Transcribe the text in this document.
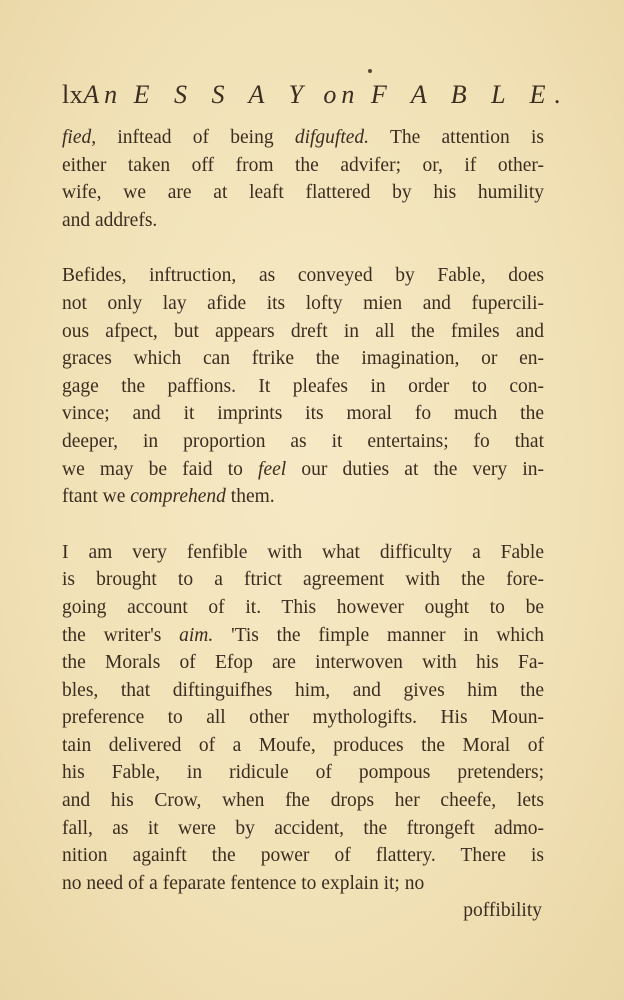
lx An E S S A Y on F A B L E.
fied, inftead of being difgufted. The attention is
either taken off from the advifer; or, if other-
wife, we are at leaft flattered by his humility
and addrefs.
Befides, inftruction, as conveyed by Fable, does
not only lay afide its lofty mien and fupercili-
ous afpect, but appears dreft in all the fmiles and
graces which can ftrike the imagination, or en-
gage the paffions. It pleafes in order to con-
vince; and it imprints its moral fo much the
deeper, in proportion as it entertains; fo that
we may be faid to feel our duties at the very in-
ftant we comprehend them.
I am very fenfible with what difficulty a Fable
is brought to a ftrict agreement with the fore-
going account of it. This however ought to be
the writer's aim. 'Tis the fimple manner in which
the Morals of Efop are interwoven with his Fa-
bles, that diftinguifhes him, and gives him the
preference to all other mythologifts. His Moun-
tain delivered of a Moufe, produces the Moral of
his Fable, in ridicule of pompous pretenders;
and his Crow, when fhe drops her cheefe, lets
fall, as it were by accident, the ftrongeft admo-
nition againft the power of flattery. There is
no need of a feparate fentence to explain it; no
poffibility
